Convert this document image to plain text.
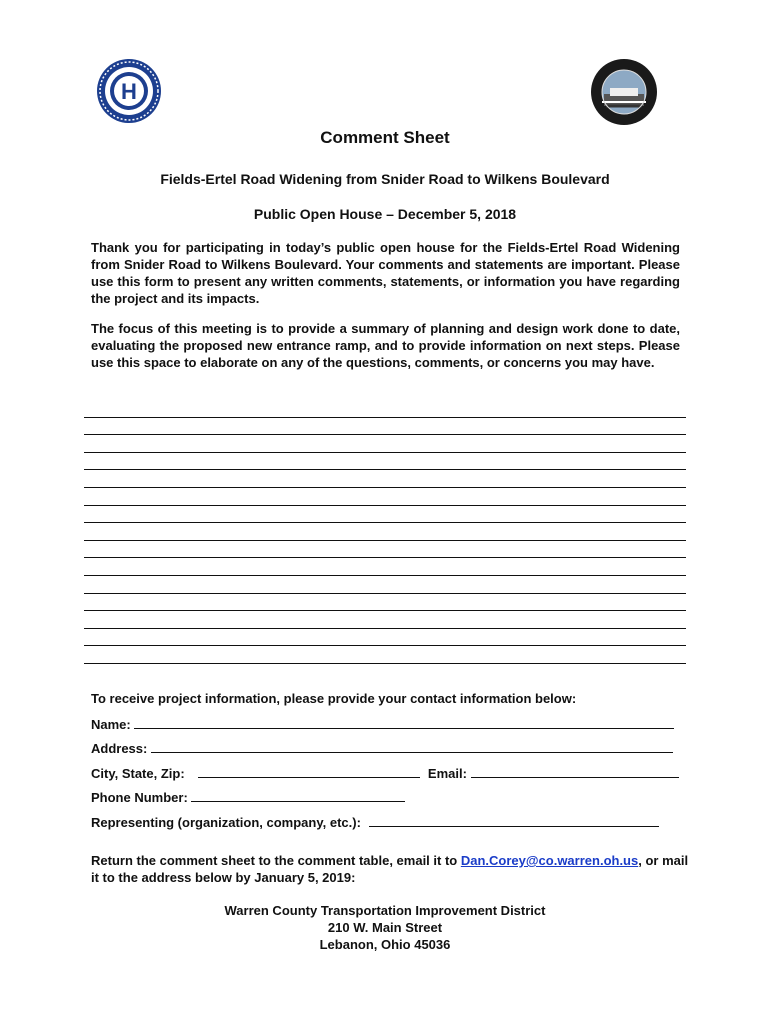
H
Comment Sheet
Fields-Ertel Road Widening from Snider Road to Wilkens Boulevard
Public Open House – December 5, 2018
Thank you for participating in today’s public open house for the Fields-Ertel Road Widening from Snider Road to Wilkens Boulevard. Your comments and statements are important. Please use this form to present any written comments, statements, or information you have regarding the project and its impacts.
The focus of this meeting is to provide a summary of planning and design work done to date, evaluating the proposed new entrance ramp, and to provide information on next steps. Please use this space to elaborate on any of the questions, comments, or concerns you may have.
To receive project information, please provide your contact information below:
Name:
Address:
City, State, Zip:	Email:
Phone Number:
Representing (organization, company, etc.):
Return the comment sheet to the comment table, email it to Dan.Corey@co.warren.oh.us, or mail it to the address below by January 5, 2019:
Warren County Transportation Improvement District
210 W. Main Street
Lebanon, Ohio 45036
